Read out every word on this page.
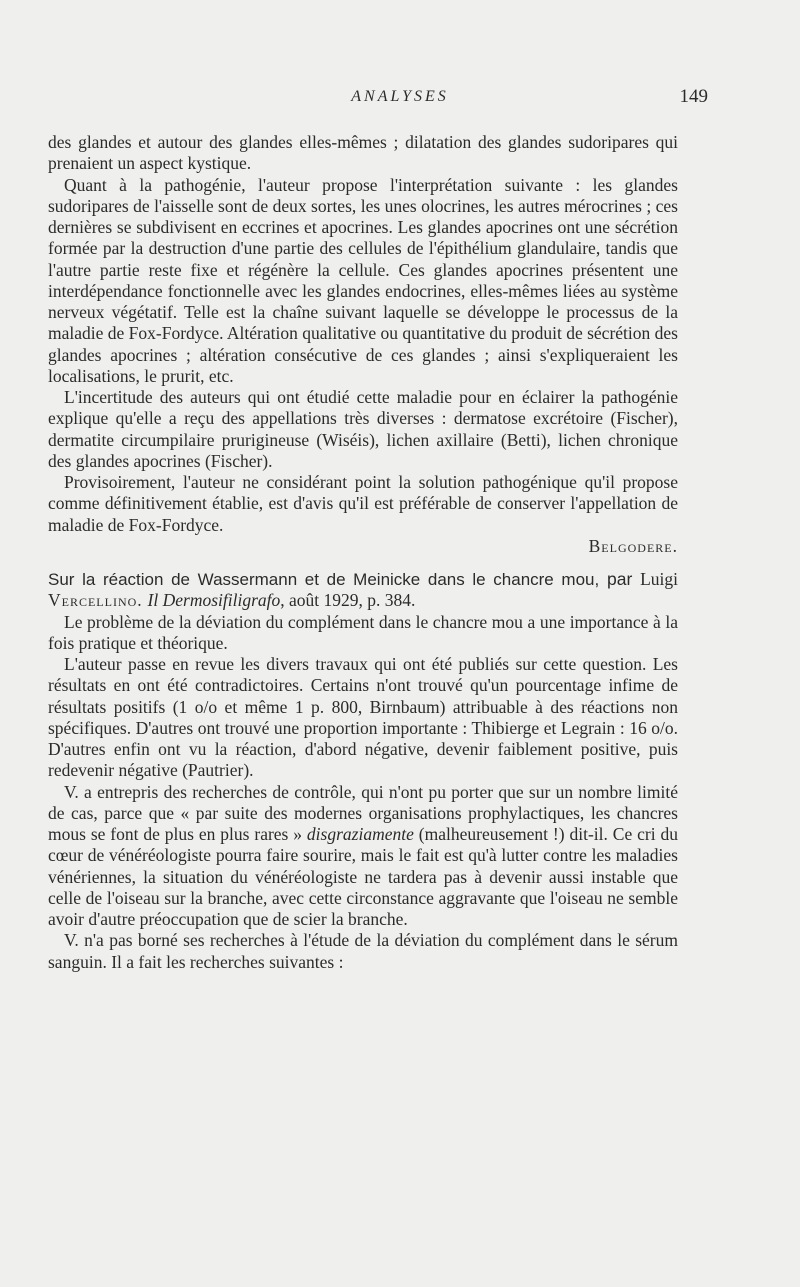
ANALYSES	149

des glandes et autour des glandes elles-mêmes ; dilatation des glandes sudoripares qui prenaient un aspect kystique.

Quant à la pathogénie, l'auteur propose l'interprétation suivante : les glandes sudoripares de l'aisselle sont de deux sortes, les unes olocrines, les autres mérocrines ; ces dernières se subdivisent en eccrines et apocrines. Les glandes apocrines ont une sécrétion formée par la destruction d'une partie des cellules de l'épithélium glandulaire, tandis que l'autre partie reste fixe et régénère la cellule. Ces glandes apocrines présentent une interdépendance fonctionnelle avec les glandes endocrines, elles-mêmes liées au système nerveux végétatif. Telle est la chaîne suivant laquelle se développe le processus de la maladie de Fox-Fordyce. Altération qualitative ou quantitative du produit de sécrétion des glandes apocrines ; altération consécutive de ces glandes ; ainsi s'expliqueraient les localisations, le prurit, etc.

L'incertitude des auteurs qui ont étudié cette maladie pour en éclairer la pathogénie explique qu'elle a reçu des appellations très diverses : dermatose excrétoire (Fischer), dermatite circumpilaire prurigineuse (Wiséis), lichen axillaire (Betti), lichen chronique des glandes apocrines (Fischer).

Provisoirement, l'auteur ne considérant point la solution pathogénique qu'il propose comme définitivement établie, est d'avis qu'il est préférable de conserver l'appellation de maladie de Fox-Fordyce.

Belgodere.

Sur la réaction de Wassermann et de Meinicke dans le chancre mou, par Luigi Vercellino. Il Dermosifiligrafo, août 1929, p. 384.

Le problème de la déviation du complément dans le chancre mou a une importance à la fois pratique et théorique.

L'auteur passe en revue les divers travaux qui ont été publiés sur cette question. Les résultats en ont été contradictoires. Certains n'ont trouvé qu'un pourcentage infime de résultats positifs (1 o/o et même 1 p. 800, Birnbaum) attribuable à des réactions non spécifiques. D'autres ont trouvé une proportion importante : Thibierge et Legrain : 16 o/o. D'autres enfin ont vu la réaction, d'abord négative, devenir faiblement positive, puis redevenir négative (Pautrier).

V. a entrepris des recherches de contrôle, qui n'ont pu porter que sur un nombre limité de cas, parce que « par suite des modernes organisations prophylactiques, les chancres mous se font de plus en plus rares » disgraziamente (malheureusement !) dit-il. Ce cri du cœur de vénéréologiste pourra faire sourire, mais le fait est qu'à lutter contre les maladies vénériennes, la situation du vénéréologiste ne tardera pas à devenir aussi instable que celle de l'oiseau sur la branche, avec cette circonstance aggravante que l'oiseau ne semble avoir d'autre préoccupation que de scier la branche.

V. n'a pas borné ses recherches à l'étude de la déviation du complément dans le sérum sanguin. Il a fait les recherches suivantes :
